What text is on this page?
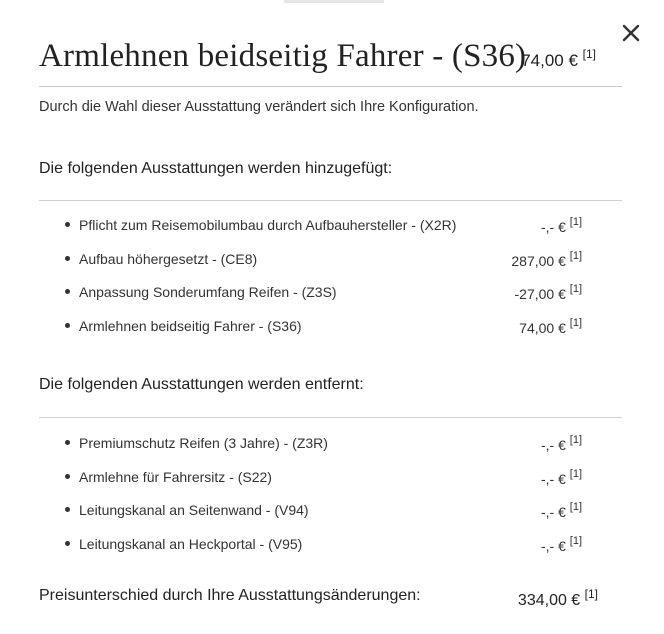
Armlehnen beidseitig Fahrer - (S36)
74,00 € [1]
Durch die Wahl dieser Ausstattung verändert sich Ihre Konfiguration.
Die folgenden Ausstattungen werden hinzugefügt:
Pflicht zum Reisemobilumbau durch Aufbauhersteller - (X2R)	-,- € [1]
Aufbau höhergesetzt - (CE8)	287,00 € [1]
Anpassung Sonderumfang Reifen - (Z3S)	-27,00 € [1]
Armlehnen beidseitig Fahrer - (S36)	74,00 € [1]
Die folgenden Ausstattungen werden entfernt:
Premiumschutz Reifen (3 Jahre) - (Z3R)	-,- € [1]
Armlehne für Fahrersitz - (S22)	-,- € [1]
Leitungskanal an Seitenwand - (V94)	-,- € [1]
Leitungskanal an Heckportal - (V95)	-,- € [1]
Preisunterschied durch Ihre Ausstattungsänderungen:	334,00 € [1]
